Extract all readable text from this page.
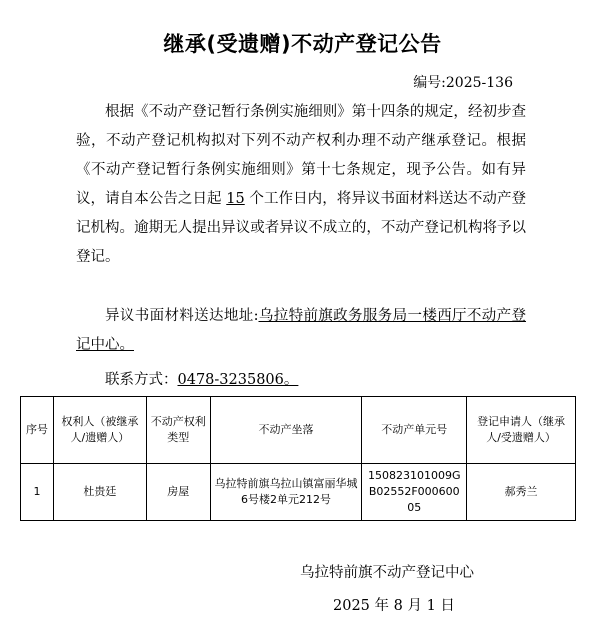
继承(受遗赠)不动产登记公告
编号:2025-136
根据《不动产登记暂行条例实施细则》第十四条的规定，经初步查验，不动产登记机构拟对下列不动产权利办理不动产继承登记。根据《不动产登记暂行条例实施细则》第十七条规定，现予公告。如有异议，请自本公告之日起 15 个工作日内，将异议书面材料送达不动产登记机构。逾期无人提出异议或者异议不成立的，不动产登记机构将予以登记。
异议书面材料送达地址:乌拉特前旗政务服务局一楼西厅不动产登记中心。
联系方式：0478-3235806。
序号	权利人（被继承人/遗赠人）	不动产权利类型	不动产坐落	不动产单元号	登记申请人（继承人/受遗赠人）
1	杜贵廷	房屋	乌拉特前旗乌拉山镇富丽华城6号楼2单元212号	150823101009GB02552F00060005	郝秀兰
乌拉特前旗不动产登记中心
2025 年 8 月 1 日
